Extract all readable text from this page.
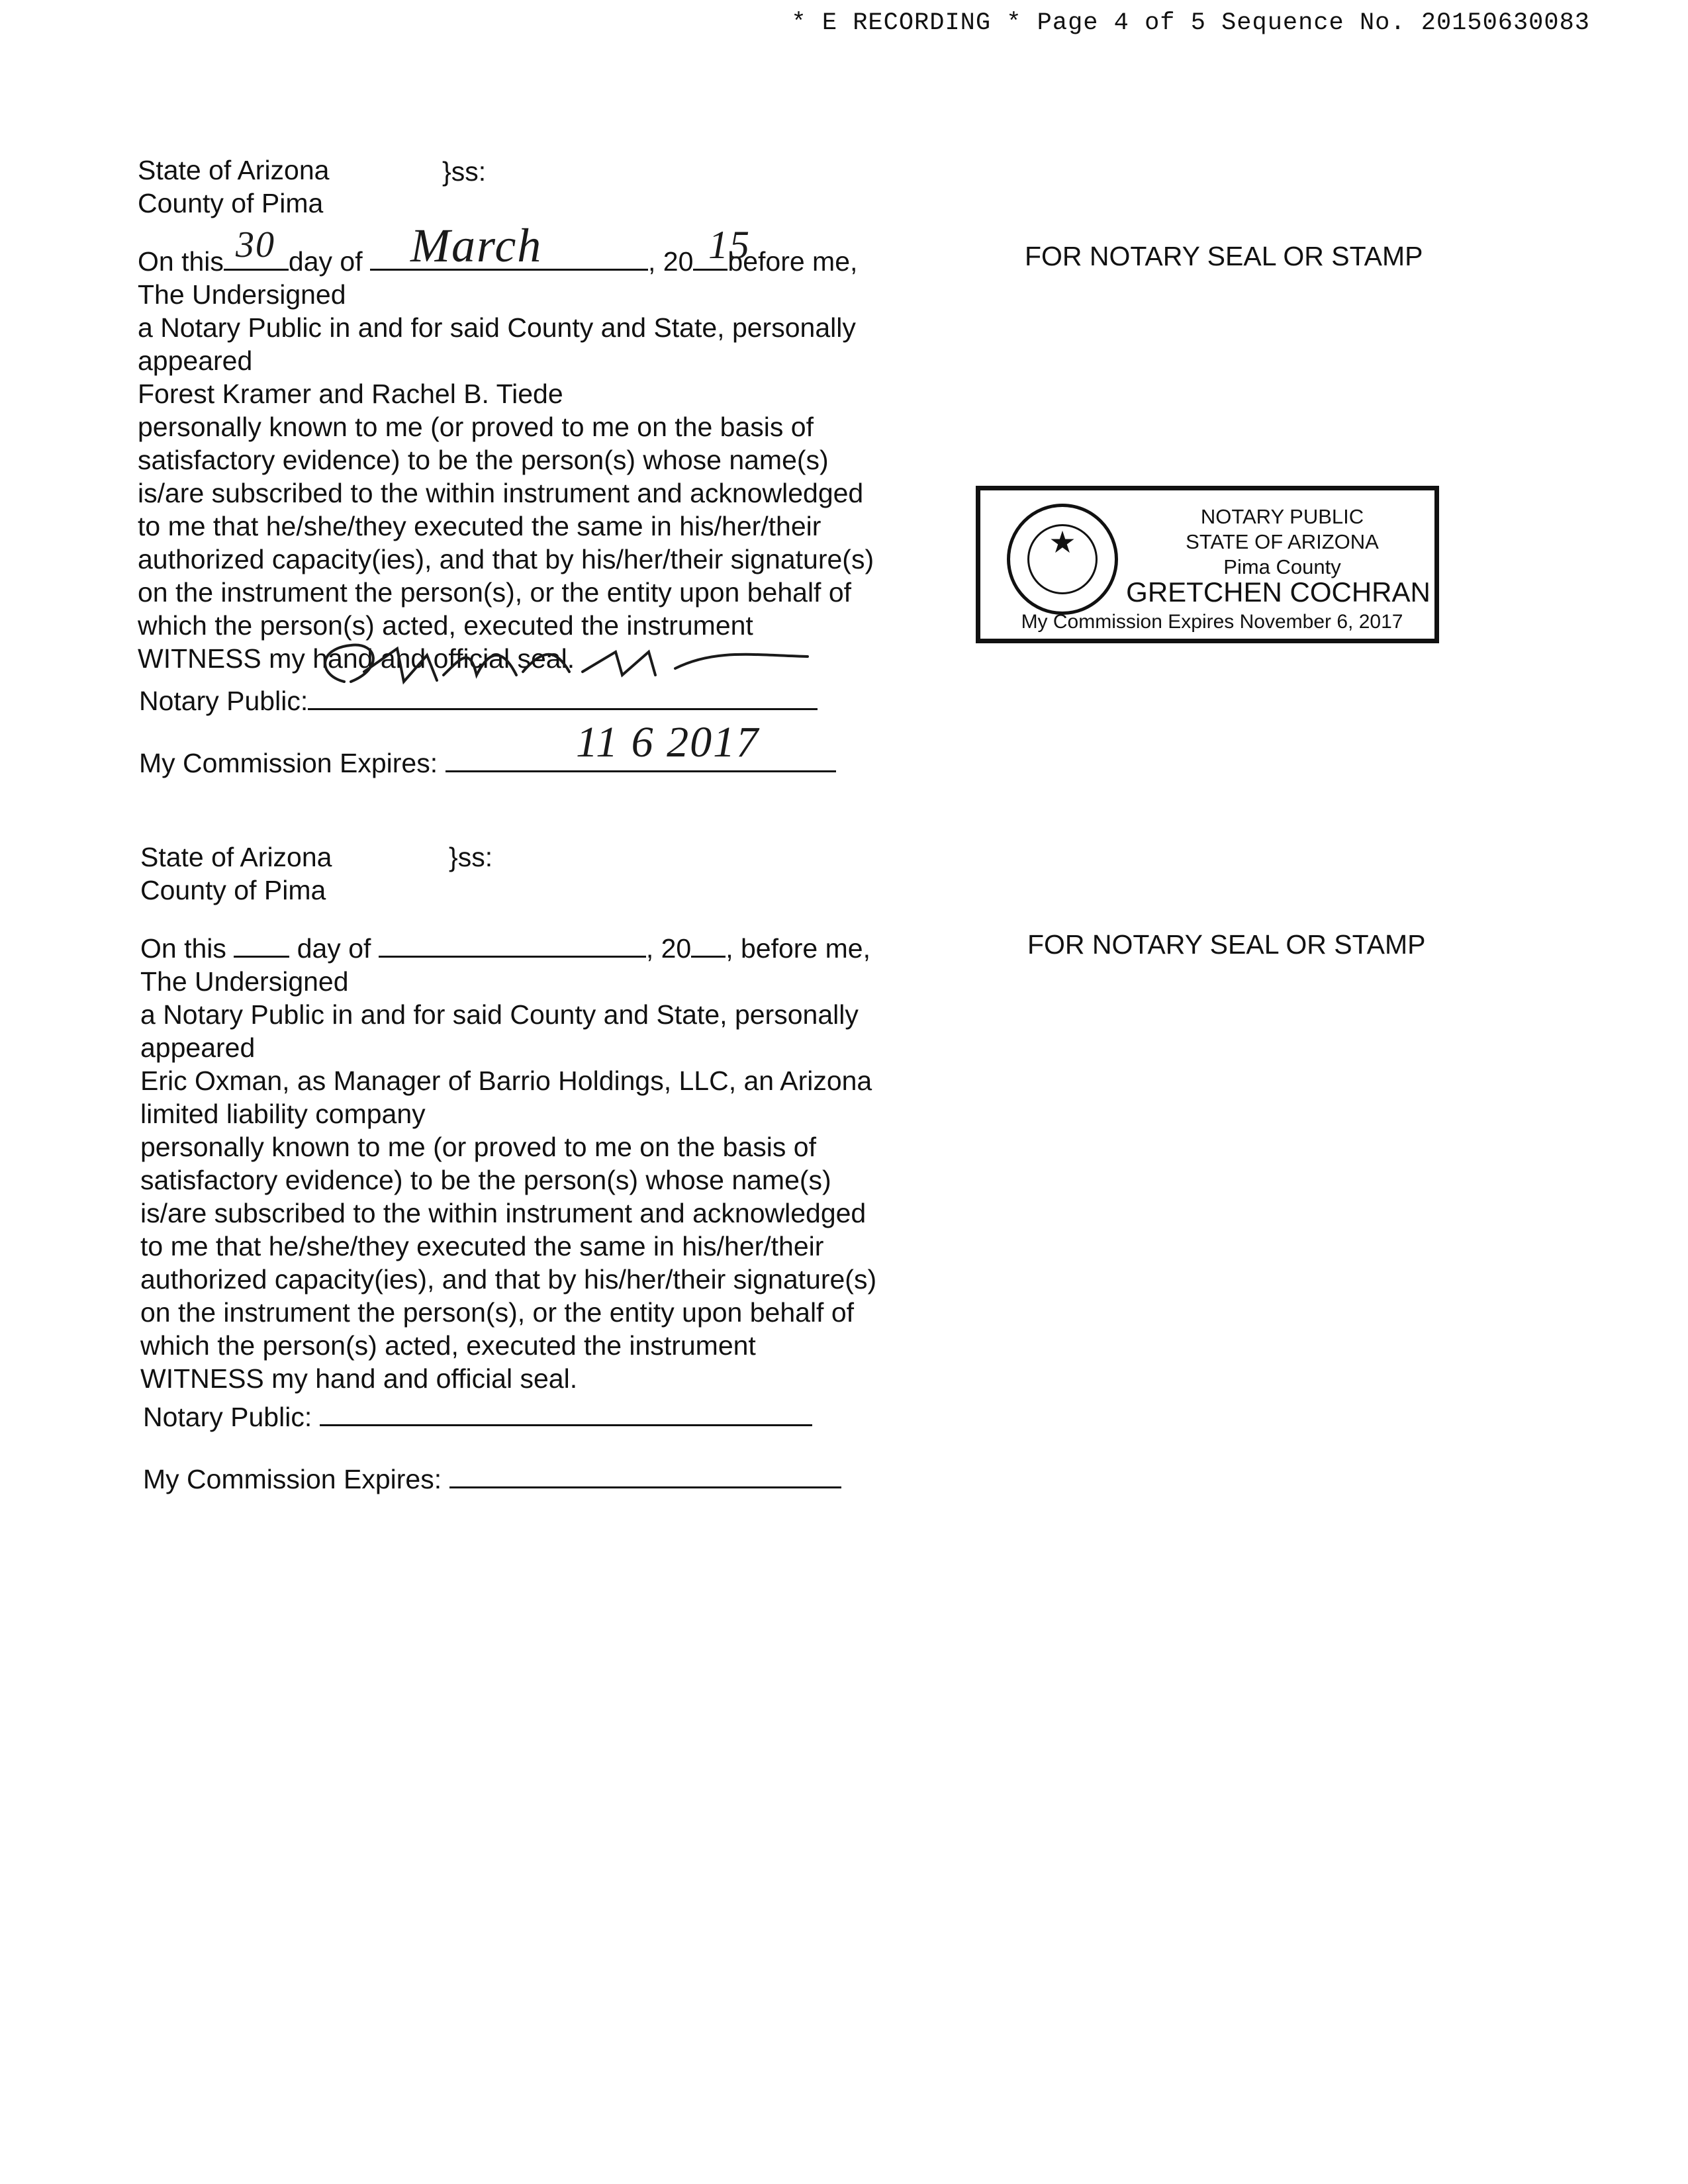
* E RECORDING * Page 4 of 5 Sequence No. 20150630083
State of Arizona
County of Pima
}ss:
On this day of	, 20 before me,
30	March	15
The Undersigned
a Notary Public in and for said County and State, personally
appeared
Forest Kramer and Rachel B. Tiede
personally known to me (or proved to me on the basis of
satisfactory evidence) to be the person(s) whose name(s)
is/are subscribed to the within instrument and acknowledged
to me that he/she/they executed the same in his/her/their
authorized capacity(ies), and that by his/her/their signature(s)
on the instrument the person(s), or the entity upon behalf of
which the person(s) acted, executed the instrument
WITNESS my hand and official seal.
Notary Public:
My Commission Expires:	11 6 2017
FOR NOTARY SEAL OR STAMP
★
NOTARY PUBLIC
STATE OF ARIZONA
Pima County
GRETCHEN COCHRAN
My Commission Expires November 6, 2017
State of Arizona
County of Pima
}ss:
On this	day of	, 20 , before me,
The Undersigned
a Notary Public in and for said County and State, personally
appeared
Eric Oxman, as Manager of Barrio Holdings, LLC, an Arizona
limited liability company
personally known to me (or proved to me on the basis of
satisfactory evidence) to be the person(s) whose name(s)
is/are subscribed to the within instrument and acknowledged
to me that he/she/they executed the same in his/her/their
authorized capacity(ies), and that by his/her/their signature(s)
on the instrument the person(s), or the entity upon behalf of
which the person(s) acted, executed the instrument
WITNESS my hand and official seal.
Notary Public:
My Commission Expires:
FOR NOTARY SEAL OR STAMP
